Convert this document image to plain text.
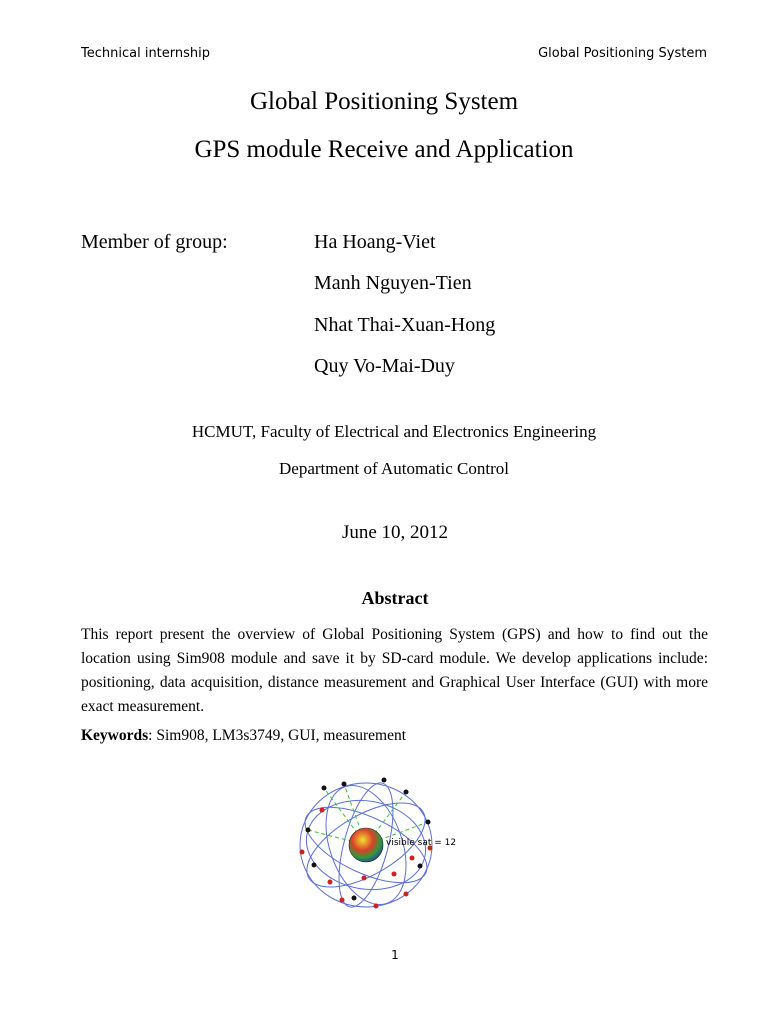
Technical internship	Global Positioning System
Global Positioning System
GPS module Receive and Application
Member of group:	Ha Hoang-Viet
Manh Nguyen-Tien
Nhat Thai-Xuan-Hong
Quy Vo-Mai-Duy
HCMUT, Faculty of Electrical and Electronics Engineering
Department of Automatic Control
June 10, 2012
Abstract
This report present the overview of Global Positioning System (GPS) and how to find out the location using Sim908 module and save it by SD-card module. We develop applications include: positioning, data acquisition, distance measurement and Graphical User Interface (GUI) with more exact measurement.
Keywords: Sim908, LM3s3749, GUI, measurement
visible sat = 12
1
